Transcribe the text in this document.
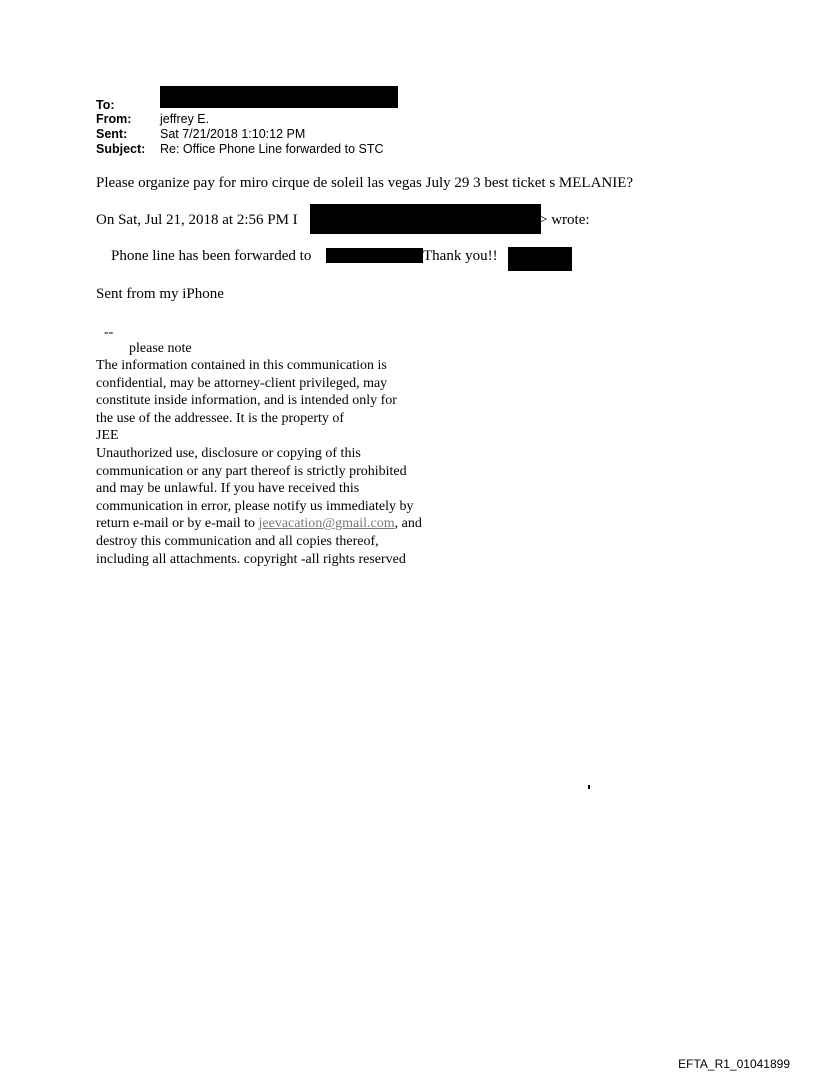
To:
From: jeffrey E.
Sent:	Sat 7/21/2018 1:10:12 PM
Subject: Re: Office Phone Line forwarded to STC
Please organize pay for miro cirque de soleil las vegas July 29 3 best ticket s MELANIE?
On Sat, Jul 21, 2018 at 2:56 PM I	> wrote:
Phone line has been forwarded to	Thank you!!
Sent from my iPhone
--
please note
The information contained in this communication is
confidential, may be attorney-client privileged, may
constitute inside information, and is intended only for
the use of the addressee. It is the property of
JEE
Unauthorized use, disclosure or copying of this
communication or any part thereof is strictly prohibited
and may be unlawful. If you have received this
communication in error, please notify us immediately by
return e-mail or by e-mail to jeevacation@gmail.com, and
destroy this communication and all copies thereof,
including all attachments. copyright -all rights reserved
EFTA_R1_01041899
